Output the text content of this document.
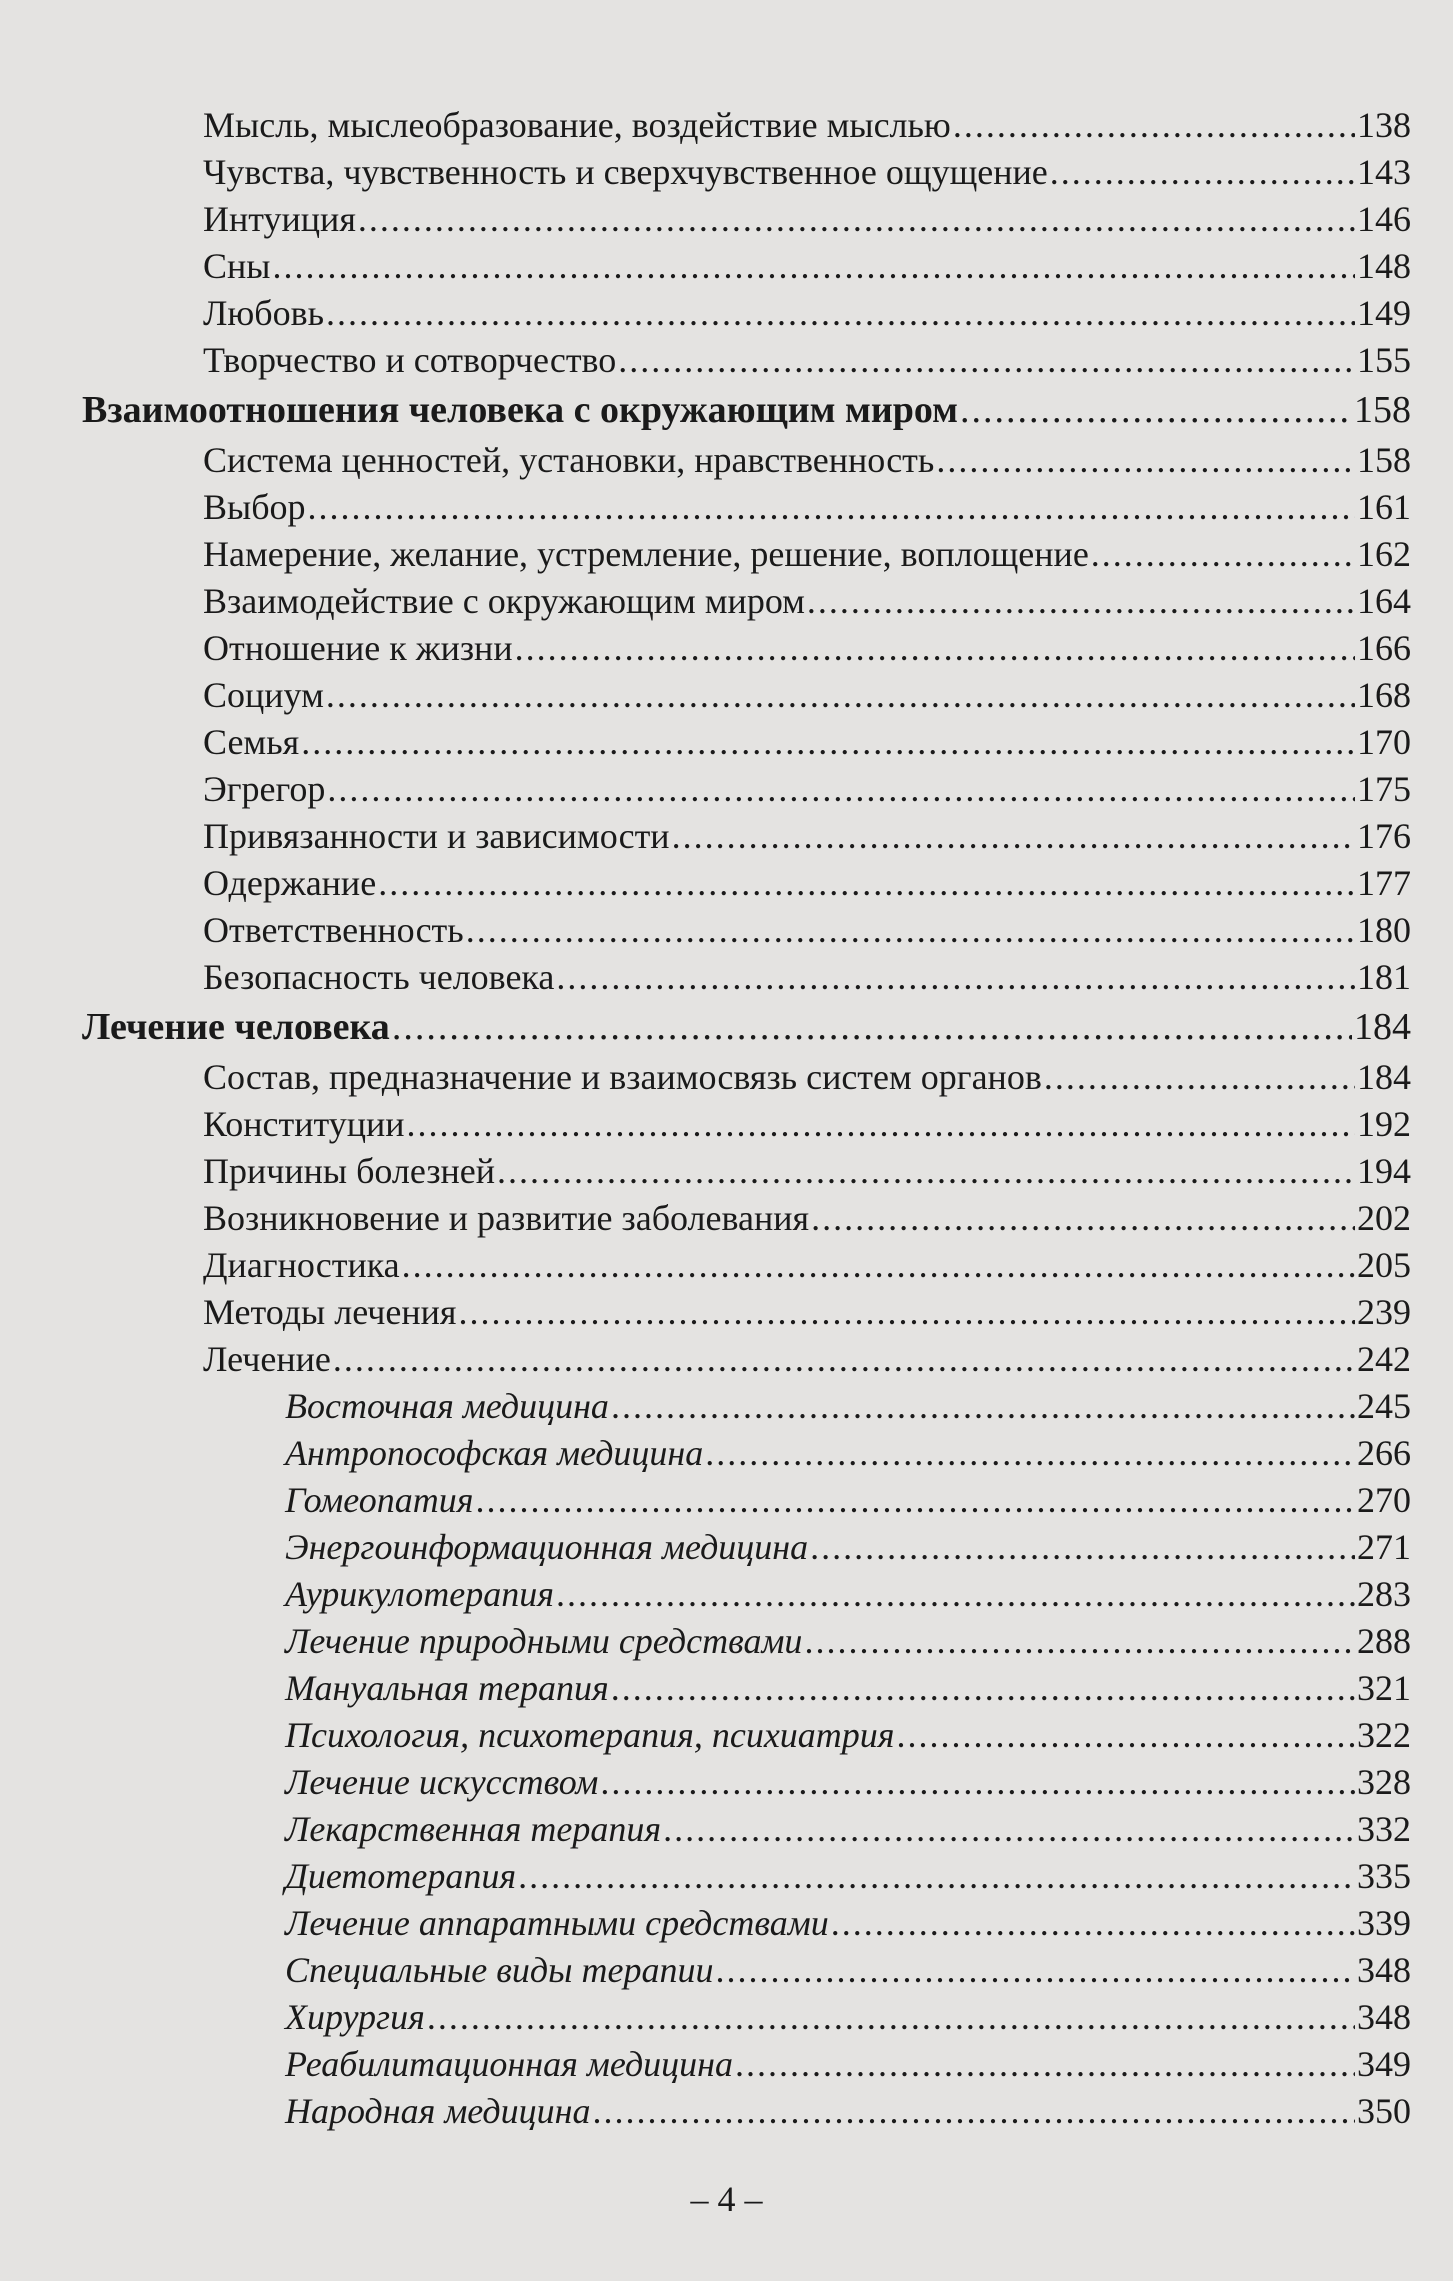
Мысль, мыслеобразование, воздействие мыслью .....	138
Чувства, чувственность и сверхчувственное ощущение .....	143
Интуиция .....	146
Сны .....	148
Любовь .....	149
Творчество и сотворчество .....	155
Взаимоотношения человека с окружающим миром .....	158
Система ценностей, установки, нравственность .....	158
Выбор .....	161
Намерение, желание, устремление, решение, воплощение .....	162
Взаимодействие с окружающим миром .....	164
Отношение к жизни .....	166
Социум .....	168
Семья .....	170
Эгрегор .....	175
Привязанности и зависимости .....	176
Одержание .....	177
Ответственность .....	180
Безопасность человека .....	181
Лечение человека .....	184
Состав, предназначение и взаимосвязь систем органов .....	184
Конституции .....	192
Причины болезней .....	194
Возникновение и развитие заболевания .....	202
Диагностика .....	205
Методы лечения .....	239
Лечение .....	242
Восточная медицина .....	245
Антропософская медицина .....	266
Гомеопатия .....	270
Энергоинформационная медицина .....	271
Аурикулотерапия .....	283
Лечение природными средствами .....	288
Мануальная терапия .....	321
Психология, психотерапия, психиатрия .....	322
Лечение искусством .....	328
Лекарственная терапия .....	332
Диетотерапия .....	335
Лечение аппаратными средствами .....	339
Специальные виды терапии .....	348
Хирургия .....	348
Реабилитационная медицина .....	349
Народная медицина .....	350
– 4 –
